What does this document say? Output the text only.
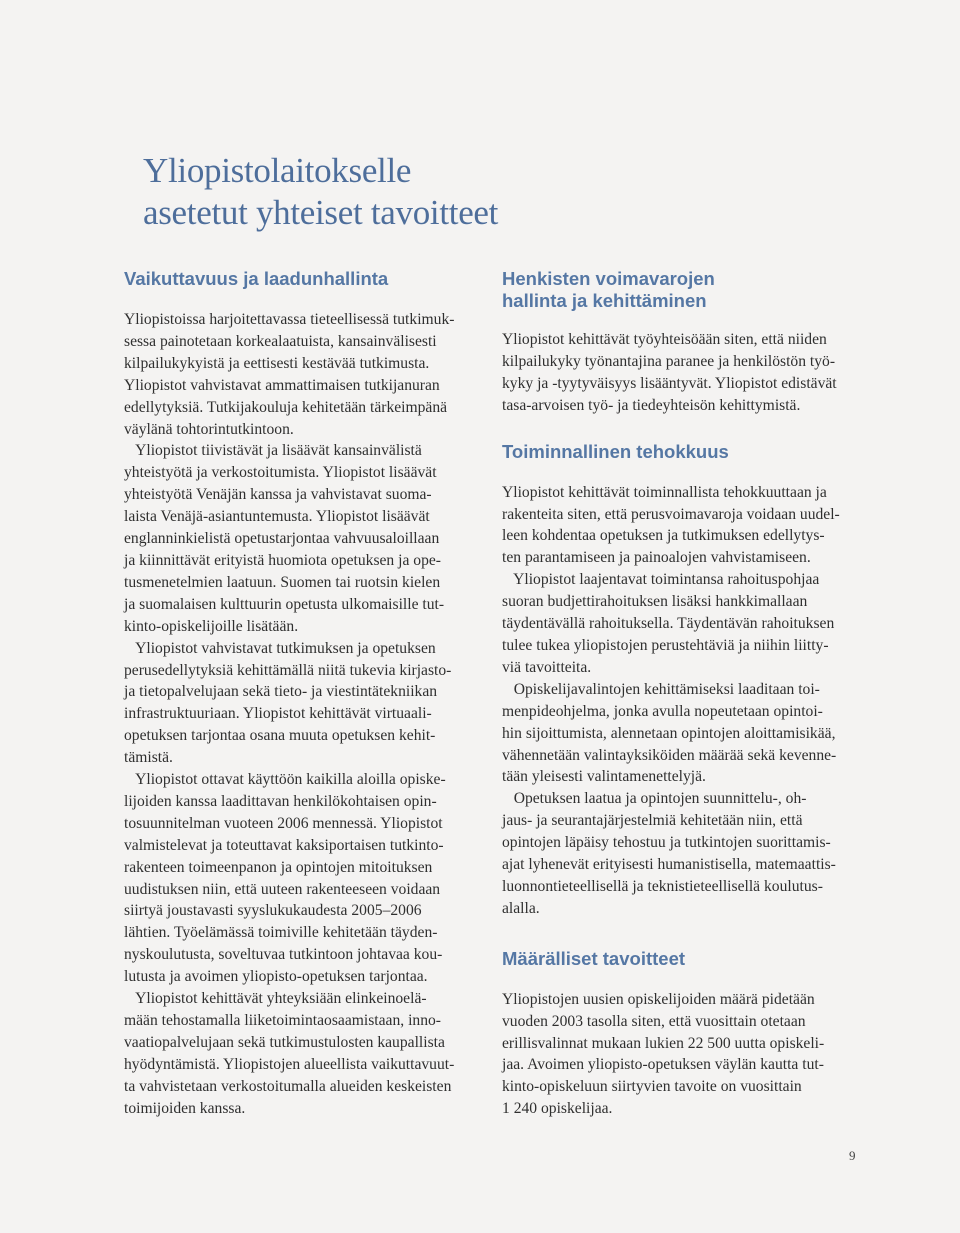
Yliopistolaitokselle
asetetut yhteiset tavoitteet
Vaikuttavuus ja laadunhallinta
Yliopistoissa harjoitettavassa tieteellisessä tutkimuk-
sessa painotetaan korkealaatuista, kansainvälisesti
kilpailukykyistä ja eettisesti kestävää tutkimusta.
Yliopistot vahvistavat ammattimaisen tutkijanuran
edellytyksiä. Tutkijakouluja kehitetään tärkeimpänä
väylänä tohtorintutkintoon.
Yliopistot tiivistävät ja lisäävät kansainvälistä
yhteistyötä ja verkostoitumista. Yliopistot lisäävät
yhteistyötä Venäjän kanssa ja vahvistavat suoma-
laista Venäjä-asiantuntemusta. Yliopistot lisäävät
englanninkielistä opetustarjontaa vahvuusaloillaan
ja kiinnittävät erityistä huomiota opetuksen ja ope-
tusmenetelmien laatuun. Suomen tai ruotsin kielen
ja suomalaisen kulttuurin opetusta ulkomaisille tut-
kinto-opiskelijoille lisätään.
Yliopistot vahvistavat tutkimuksen ja opetuksen
perusedellytyksiä kehittämällä niitä tukevia kirjasto-
ja tietopalvelujaan sekä tieto- ja viestintätekniikan
infrastruktuuriaan. Yliopistot kehittävät virtuaali-
opetuksen tarjontaa osana muuta opetuksen kehit-
tämistä.
Yliopistot ottavat käyttöön kaikilla aloilla opiske-
lijoiden kanssa laadittavan henkilökohtaisen opin-
tosuunnitelman vuoteen 2006 mennessä. Yliopistot
valmistelevat ja toteuttavat kaksiportaisen tutkinto-
rakenteen toimeenpanon ja opintojen mitoituksen
uudistuksen niin, että uuteen rakenteeseen voidaan
siirtyä joustavasti syyslukukaudesta 2005–2006
lähtien. Työelämässä toimiville kehitetään täyden-
nyskoulutusta, soveltuvaa tutkintoon johtavaa kou-
lutusta ja avoimen yliopisto-opetuksen tarjontaa.
Yliopistot kehittävät yhteyksiään elinkeinoelä-
mään tehostamalla liiketoimintaosaamistaan, inno-
vaatiopalvelujaan sekä tutkimustulosten kaupallista
hyödyntämistä. Yliopistojen alueellista vaikuttavuut-
ta vahvistetaan verkostoitumalla alueiden keskeisten
toimijoiden kanssa.
Henkisten voimavarojen
hallinta ja kehittäminen
Yliopistot kehittävät työyhteisöään siten, että niiden
kilpailukyky työnantajina paranee ja henkilöstön työ-
kyky ja -tyytyväisyys lisääntyvät. Yliopistot edistävät
tasa-arvoisen työ- ja tiedeyhteisön kehittymistä.
Toiminnallinen tehokkuus
Yliopistot kehittävät toiminnallista tehokkuuttaan ja
rakenteita siten, että perusvoimavaroja voidaan uudel-
leen kohdentaa opetuksen ja tutkimuksen edellytys-
ten parantamiseen ja painoalojen vahvistamiseen.
Yliopistot laajentavat toimintansa rahoituspohjaa
suoran budjettirahoituksen lisäksi hankkimallaan
täydentävällä rahoituksella. Täydentävän rahoituksen
tulee tukea yliopistojen perustehtäviä ja niihin liitty-
viä tavoitteita.
Opiskelijavalintojen kehittämiseksi laaditaan toi-
menpideohjelma, jonka avulla nopeutetaan opintoi-
hin sijoittumista, alennetaan opintojen aloittamisikää,
vähennetään valintayksiköiden määrää sekä kevenne-
tään yleisesti valintamenettelyjä.
Opetuksen laatua ja opintojen suunnittelu-, oh-
jaus- ja seurantajärjestelmiä kehitetään niin, että
opintojen läpäisy tehostuu ja tutkintojen suorittamis-
ajat lyhenevät erityisesti humanistisella, matemaattis-
luonnontieteellisellä ja teknistieteellisellä koulutus-
alalla.
Määrälliset tavoitteet
Yliopistojen uusien opiskelijoiden määrä pidetään
vuoden 2003 tasolla siten, että vuosittain otetaan
erillisvalinnat mukaan lukien 22 500 uutta opiskeli-
jaa. Avoimen yliopisto-opetuksen väylän kautta tut-
kinto-opiskeluun siirtyvien tavoite on vuosittain
1 240 opiskelijaa.
9
